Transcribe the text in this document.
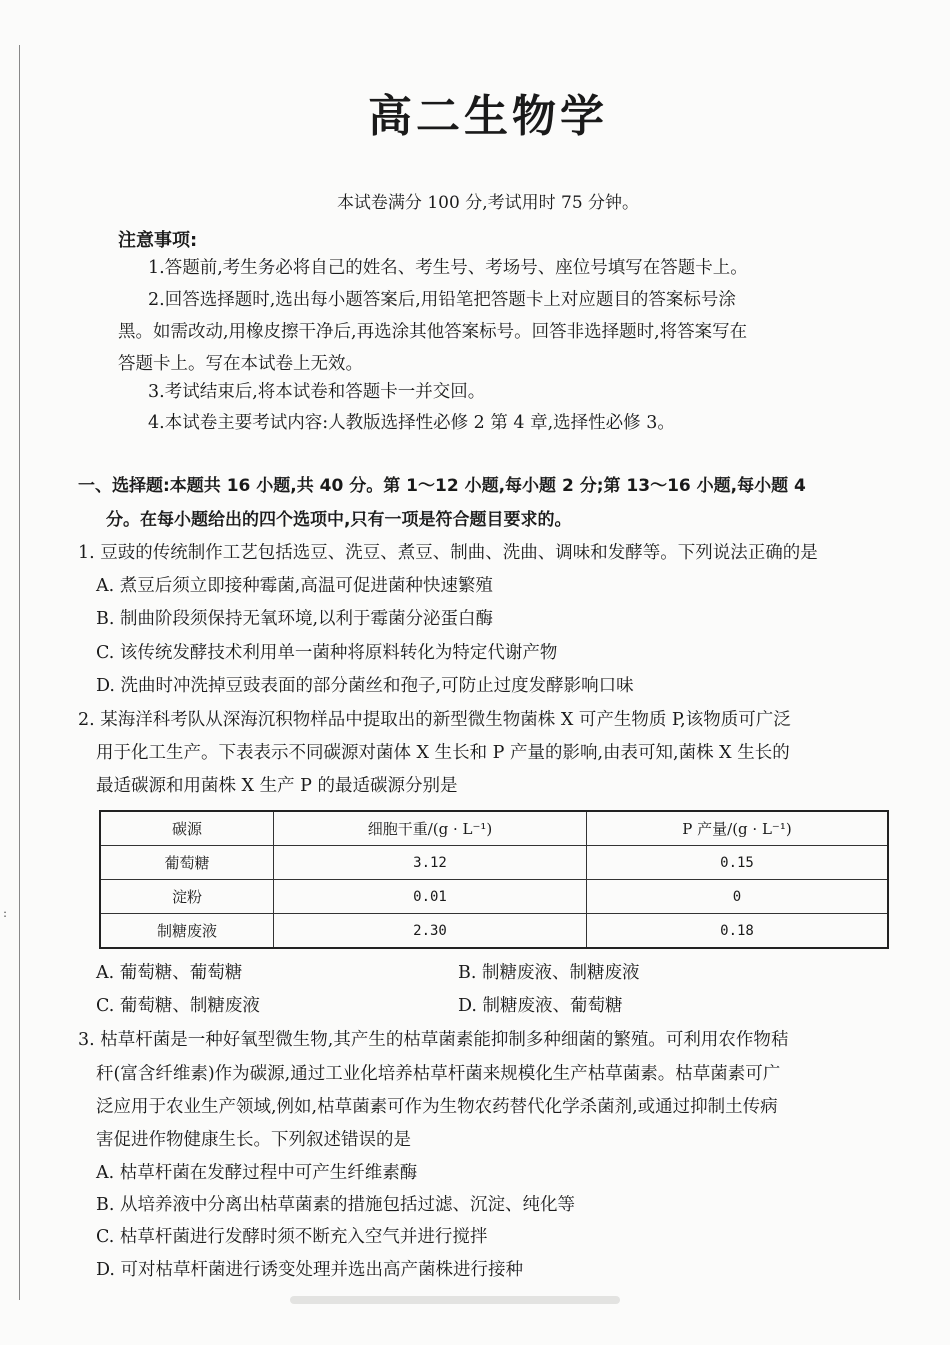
:
高二生物学
本试卷满分 100 分,考试用时 75 分钟。
注意事项:
1.答题前,考生务必将自己的姓名、考生号、考场号、座位号填写在答题卡上。
2.回答选择题时,选出每小题答案后,用铅笔把答题卡上对应题目的答案标号涂
黑。如需改动,用橡皮擦干净后,再选涂其他答案标号。回答非选择题时,将答案写在
答题卡上。写在本试卷上无效。
3.考试结束后,将本试卷和答题卡一并交回。
4.本试卷主要考试内容:人教版选择性必修 2 第 4 章,选择性必修 3。
一、选择题:本题共 16 小题,共 40 分。第 1～12 小题,每小题 2 分;第 13～16 小题,每小题 4
分。在每小题给出的四个选项中,只有一项是符合题目要求的。
1. 豆豉的传统制作工艺包括选豆、洗豆、煮豆、制曲、洗曲、调味和发酵等。下列说法正确的是
A. 煮豆后须立即接种霉菌,高温可促进菌种快速繁殖
B. 制曲阶段须保持无氧环境,以利于霉菌分泌蛋白酶
C. 该传统发酵技术利用单一菌种将原料转化为特定代谢产物
D. 洗曲时冲洗掉豆豉表面的部分菌丝和孢子,可防止过度发酵影响口味
2. 某海洋科考队从深海沉积物样品中提取出的新型微生物菌株 X 可产生物质 P,该物质可广泛
用于化工生产。下表表示不同碳源对菌体 X 生长和 P 产量的影响,由表可知,菌株 X 生长的
最适碳源和用菌株 X 生产 P 的最适碳源分别是
碳源	细胞干重/(g · L⁻¹)	P 产量/(g · L⁻¹)
葡萄糖	3.12	0.15
淀粉	0.01	0
制糖废液	2.30	0.18
A. 葡萄糖、葡萄糖	B. 制糖废液、制糖废液
C. 葡萄糖、制糖废液	D. 制糖废液、葡萄糖
3. 枯草杆菌是一种好氧型微生物,其产生的枯草菌素能抑制多种细菌的繁殖。可利用农作物秸
秆(富含纤维素)作为碳源,通过工业化培养枯草杆菌来规模化生产枯草菌素。枯草菌素可广
泛应用于农业生产领域,例如,枯草菌素可作为生物农药替代化学杀菌剂,或通过抑制土传病
害促进作物健康生长。下列叙述错误的是
A. 枯草杆菌在发酵过程中可产生纤维素酶
B. 从培养液中分离出枯草菌素的措施包括过滤、沉淀、纯化等
C. 枯草杆菌进行发酵时须不断充入空气并进行搅拌
D. 可对枯草杆菌进行诱变处理并选出高产菌株进行接种
